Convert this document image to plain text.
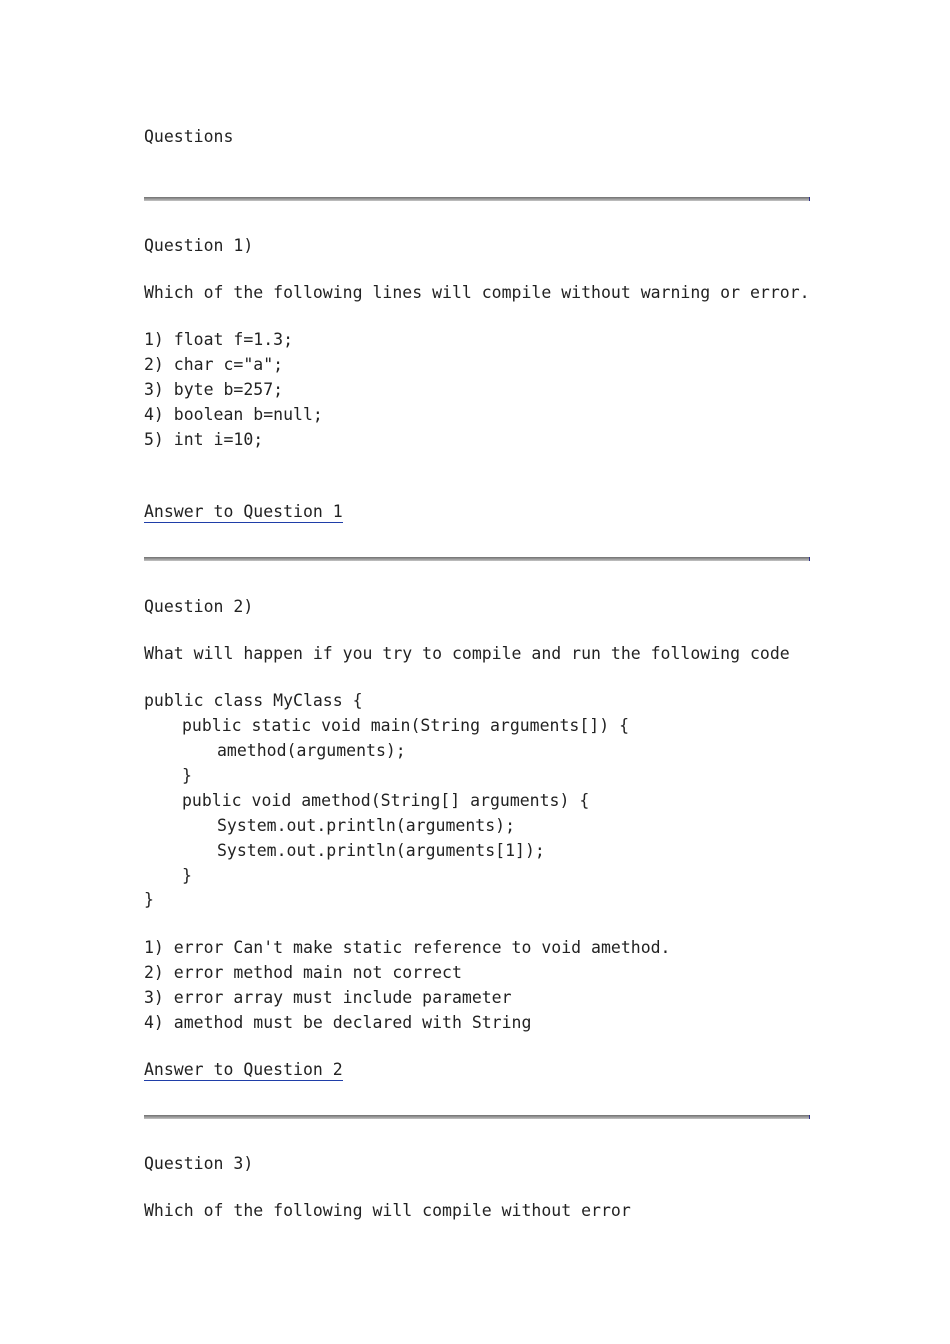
Questions
Question 1)
Which of the following lines will compile without warning or error.
1) float f=1.3;
2) char c="a";
3) byte b=257;
4) boolean b=null;
5) int i=10;
Answer to Question 1
Question 2)
What will happen if you try to compile and run the following code
public class MyClass {
public static void main(String arguments[]) {
amethod(arguments);
}
public void amethod(String[] arguments) {
System.out.println(arguments);
System.out.println(arguments[1]);
}
}
1) error Can't make static reference to void amethod.
2) error method main not correct
3) error array must include parameter
4) amethod must be declared with String
Answer to Question 2
Question 3)
Which of the following will compile without error
